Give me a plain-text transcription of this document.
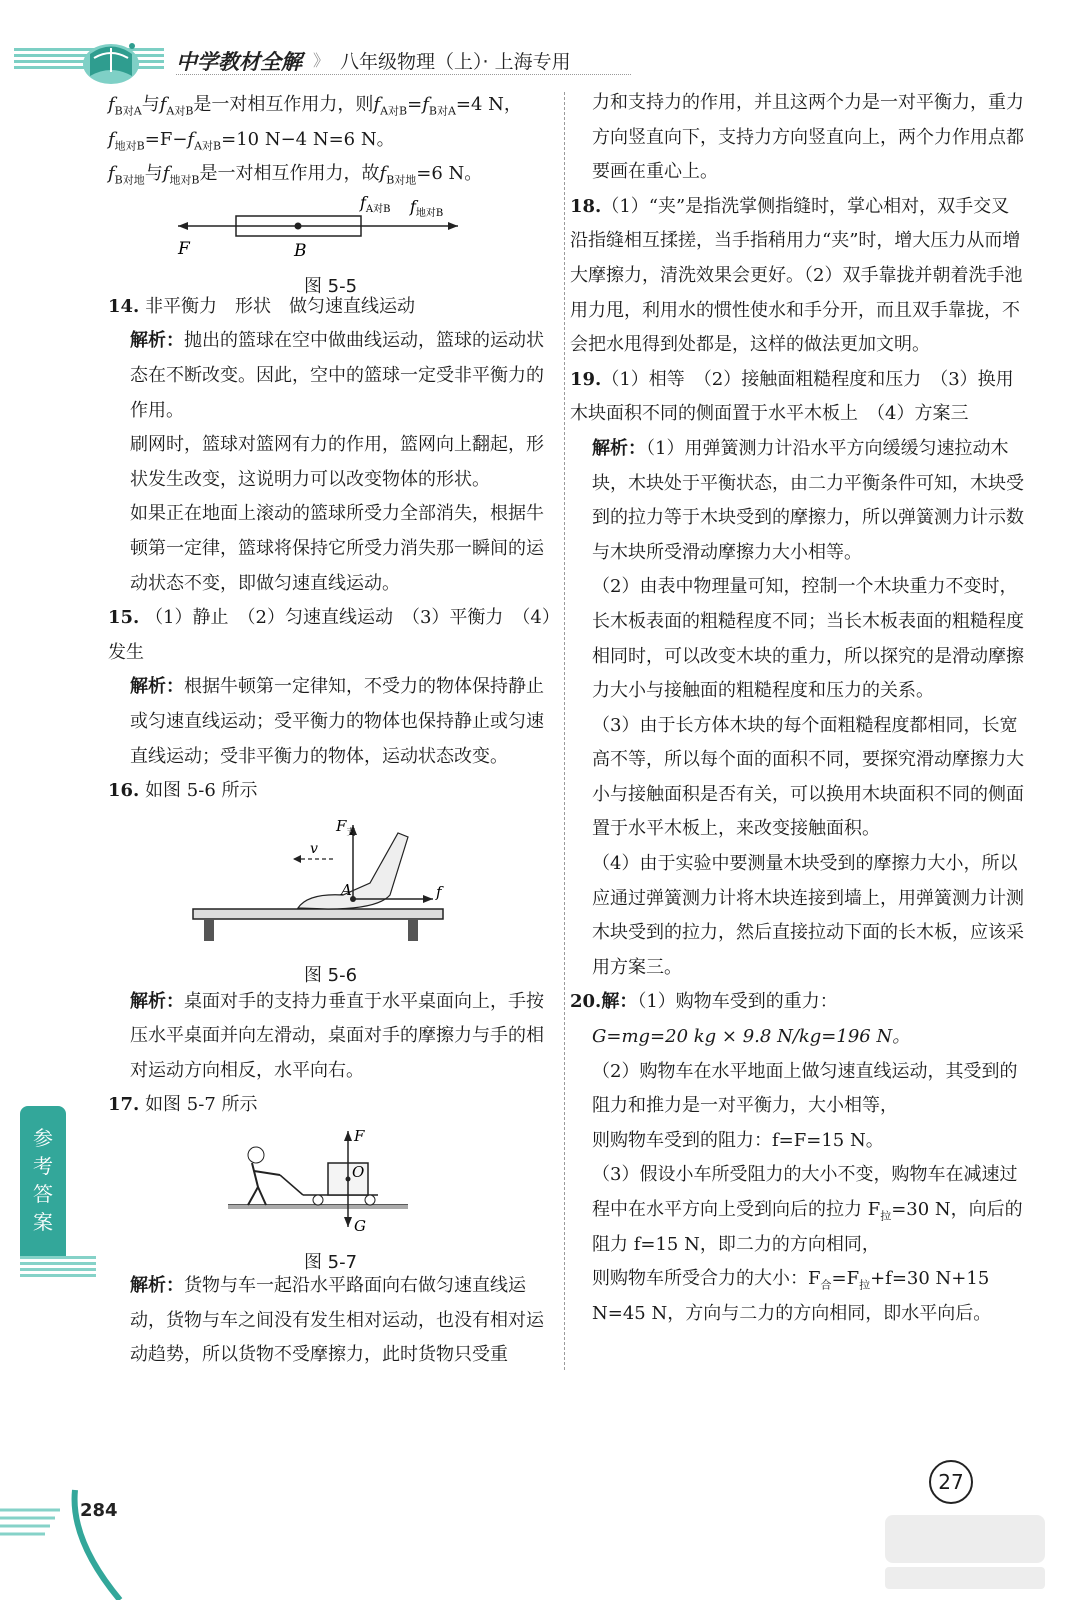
中学教材全解 》 八年级物理（上）· 上海专用

$f_{B对A}$与$f_{A对B}$是一对相互作用力，则$f_{A对B}=f_{B对A}=4$ N，

$f_{地对B}=F-f_{A对B}=10$ N−4 N=6 N。

$f_{B对地}$与$f_{地对B}$是一对相互作用力，故$f_{B对地}=6$ N。

F	B
$f_{A对B}$ $f_{地对B}$
图 5-5

14. 非平衡力　形状　做匀速直线运动

解析：抛出的篮球在空中做曲线运动，篮球的运动状态在不断改变。因此，空中的篮球一定受非平衡力的作用。

刷网时，篮球对篮网有力的作用，篮网向上翻起，形状发生改变，这说明力可以改变物体的形状。

如果正在地面上滚动的篮球所受力全部消失，根据牛顿第一定律，篮球将保持它所受力消失那一瞬间的运动状态不变，即做匀速直线运动。

15. （1）静止　（2）匀速直线运动　（3）平衡力　（4）发生

解析：根据牛顿第一定律知，不受力的物体保持静止或匀速直线运动；受平衡力的物体也保持静止或匀速直线运动；受非平衡力的物体，运动状态改变。

16. 如图 5-6 所示

$F_支$
v
A	f
图 5-6

解析：桌面对手的支持力垂直于水平桌面向上，手按压水平桌面并向左滑动，桌面对手的摩擦力与手的相对运动方向相反，水平向右。

17. 如图 5-7 所示

F
O
G
图 5-7

解析：货物与车一起沿水平路面向右做匀速直线运动，货物与车之间没有发生相对运动，也没有相对运动趋势，所以货物不受摩擦力，此时货物只受重

力和支持力的作用，并且这两个力是一对平衡力，重力方向竖直向下，支持力方向竖直向上，两个力作用点都要画在重心上。

18.（1）“夹”是指洗掌侧指缝时，掌心相对，双手交叉沿指缝相互揉搓，当手指稍用力“夹”时，增大压力从而增大摩擦力，清洗效果会更好。（2）双手靠拢并朝着洗手池用力甩，利用水的惯性使水和手分开，而且双手靠拢，不会把水甩得到处都是，这样的做法更加文明。

19.（1）相等　（2）接触面粗糙程度和压力　（3）换用木块面积不同的侧面置于水平木板上　（4）方案三

解析：（1）用弹簧测力计沿水平方向缓缓匀速拉动木块，木块处于平衡状态，由二力平衡条件可知，木块受到的拉力等于木块受到的摩擦力，所以弹簧测力计示数与木块所受滑动摩擦力大小相等。

（2）由表中物理量可知，控制一个木块重力不变时，长木板表面的粗糙程度不同；当长木板表面的粗糙程度相同时，可以改变木块的重力，所以探究的是滑动摩擦力大小与接触面的粗糙程度和压力的关系。

（3）由于长方体木块的每个面粗糙程度都相同，长宽高不等，所以每个面的面积不同，要探究滑动摩擦力大小与接触面积是否有关，可以换用木块面积不同的侧面置于水平木板上，来改变接触面积。

（4）由于实验中要测量木块受到的摩擦力大小，所以应通过弹簧测力计将木块连接到墙上，用弹簧测力计测木块受到的拉力，然后直接拉动下面的长木板，应该采用方案三。

20.解：（1）购物车受到的重力：

G=mg=20 kg × 9.8 N/kg=196 N。

（2）购物车在水平地面上做匀速直线运动，其受到的阻力和推力是一对平衡力，大小相等，

则购物车受到的阻力：f=F=15 N。

（3）假设小车所受阻力的大小不变，购物车在减速过程中在水平方向上受到向后的拉力 $F_拉=30$ N，向后的阻力 f=15 N，即二力的方向相同，

则购物车所受合力的大小：$F_合=F_拉+f=30$ N+15 N=45 N，方向与二力的方向相同，即水平向后。

参考答案
284
27
